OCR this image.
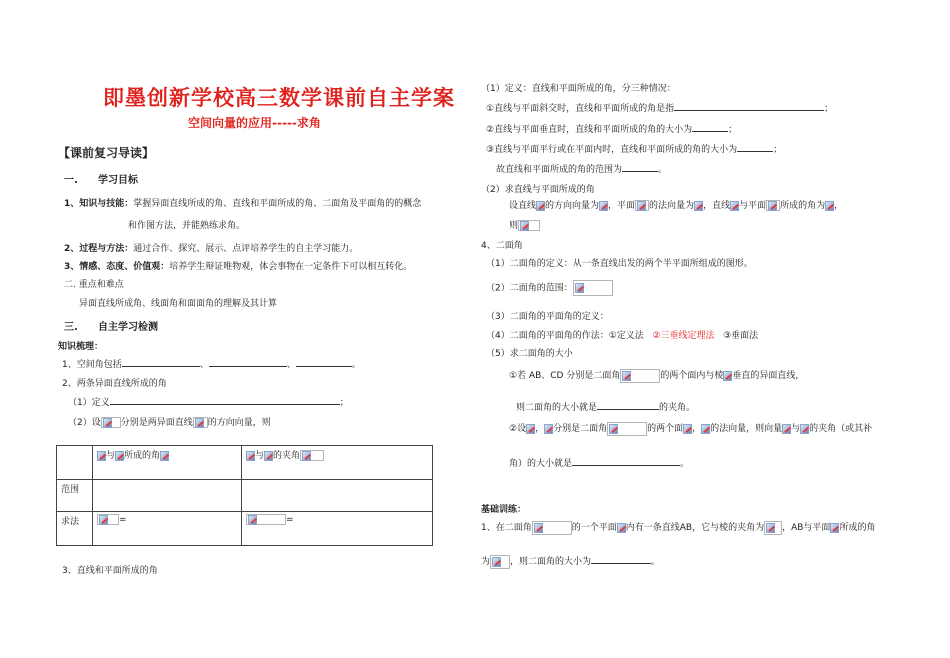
即墨创新学校高三数学课前自主学案
空间向量的应用-----求角
【课前复习导读】
一. 学习目标
1、知识与技能：掌握异面直线所成的角、直线和平面所成的角、二面角及平面角的的概念
和作图方法，并能熟练求角。
2、过程与方法：通过合作、探究、展示、点评培养学生的自主学习能力。
3、情感、态度、价值观：培养学生辩证唯物观，体会事物在一定条件下可以相互转化。
二. 重点和难点
异面直线所成角、线面角和面面角的理解及其计算
三. 自主学习检测
知识梳理：
1、空间角包括	、	、	。
2、两条异面直线所成的角
（1）定义	；
（2）设 分别是两异面直线 的方向向量，则
	与 所成的角	与 的夹角

范围		
求法	=	=
3、直线和平面所成的角
（1）定义：直线和平面所成的角，分三种情况：
①直线与平面斜交时，直线和平面所成的角是指	；
②直线与平面垂直时，直线和平面所成的角的大小为	；
③直线与平面平行或在平面内时，直线和平面所成的角的大小为	；
故直线和平面所成的角的范围为	。
（2）求直线与平面所成的角
设直线 的方向向量为 ，平面 的法向量为 ，直线 与平面 所成的角为 ，
则
4、二面角
（1）二面角的定义：从一条直线出发的两个半平面所组成的图形。
（2）二面角的范围：
（3）二面角的平面角的定义：
（4）二面角的平面角的作法：①定义法 ②三垂线定理法 ③垂面法
（5）求二面角的大小
①若 AB、CD 分别是二面角	的两个面内与棱 垂直的异面直线，
则二面角的大小就是	的夹角。
②设 ， 分别是二面角	的两个面 ， 的法向量，则向量 与 的夹角（或其补
角）的大小就是	。
基础训练：
1、在二面角	的一个平面 内有一条直线AB，它与棱的夹角为 ，AB与平面 所成的角
为 ，则二面角的大小为	。
